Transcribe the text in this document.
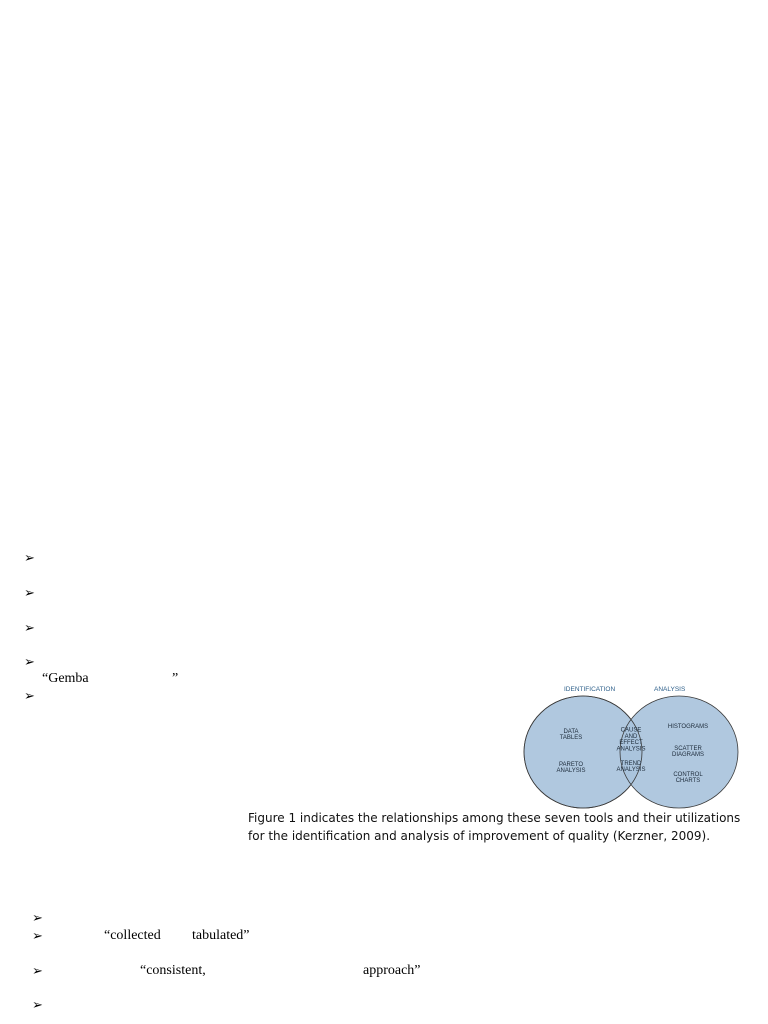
➢
➢
➢
➢
“Gemba	”
➢	IDENTIFICATION	ANALYSIS
DATA TABLES
PARETO ANALYSIS
CAUSE AND EFFECT ANALYSIS
TREND ANALYSIS
HISTOGRAMS
SCATTER DIAGRAMS
CONTROL CHARTS
Figure 1 indicates the relationships among these seven tools and their utilizations
for the identification and analysis of improvement of quality (Kerzner, 2009).
➢
➢	“collected tabulated”
➢	“consistent,	approach”
➢
